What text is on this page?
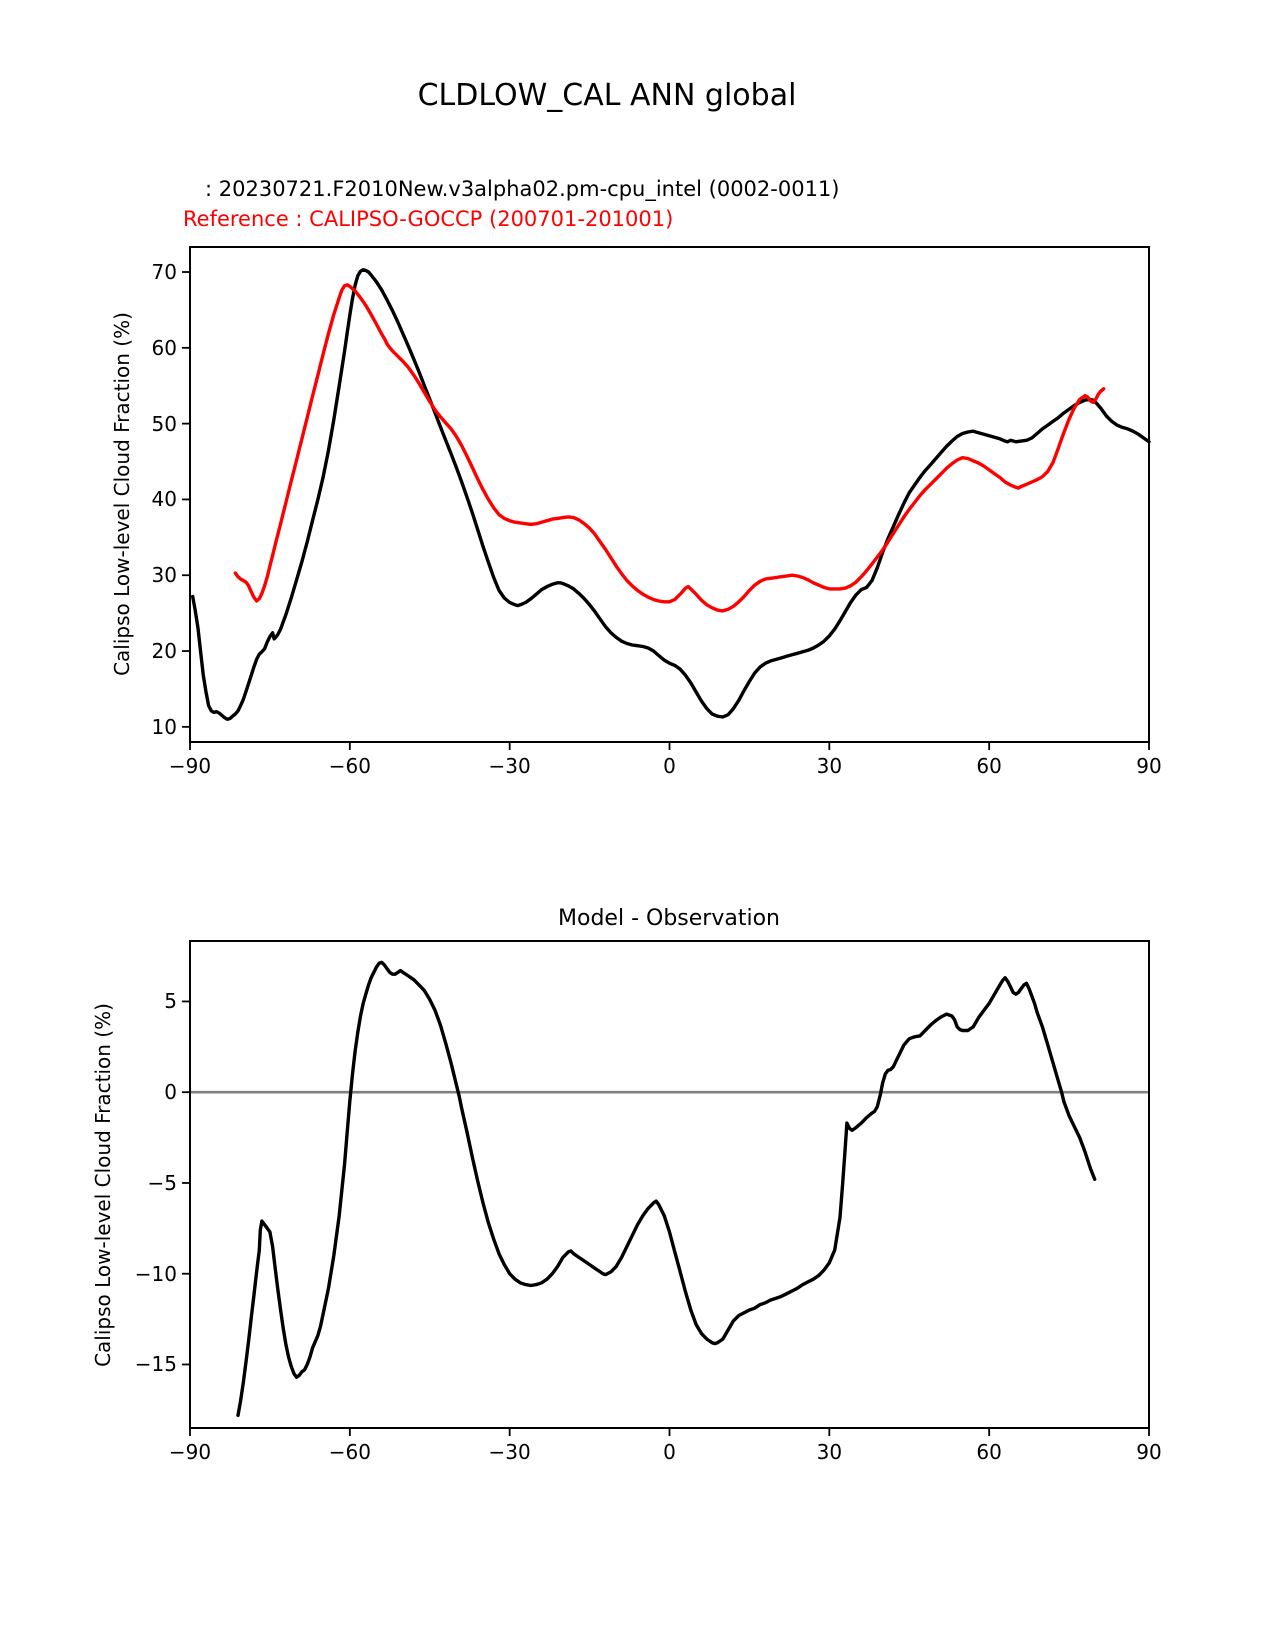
CLDLOW_CAL ANN global
: 20230721.F2010New.v3alpha02.pm-cpu_intel (0002-0011)
Reference : CALIPSO-GOCCP (200701-201001)
Calipso Low-level Cloud Fraction (%)
Calipso Low-level Cloud Fraction (%)
Model - Observation
−90	−60	−30	0	30	60	90
10
20
30
40
50
60
70
−90	−60	−30	0	30	60	90
5
0
−5
−10
−15
